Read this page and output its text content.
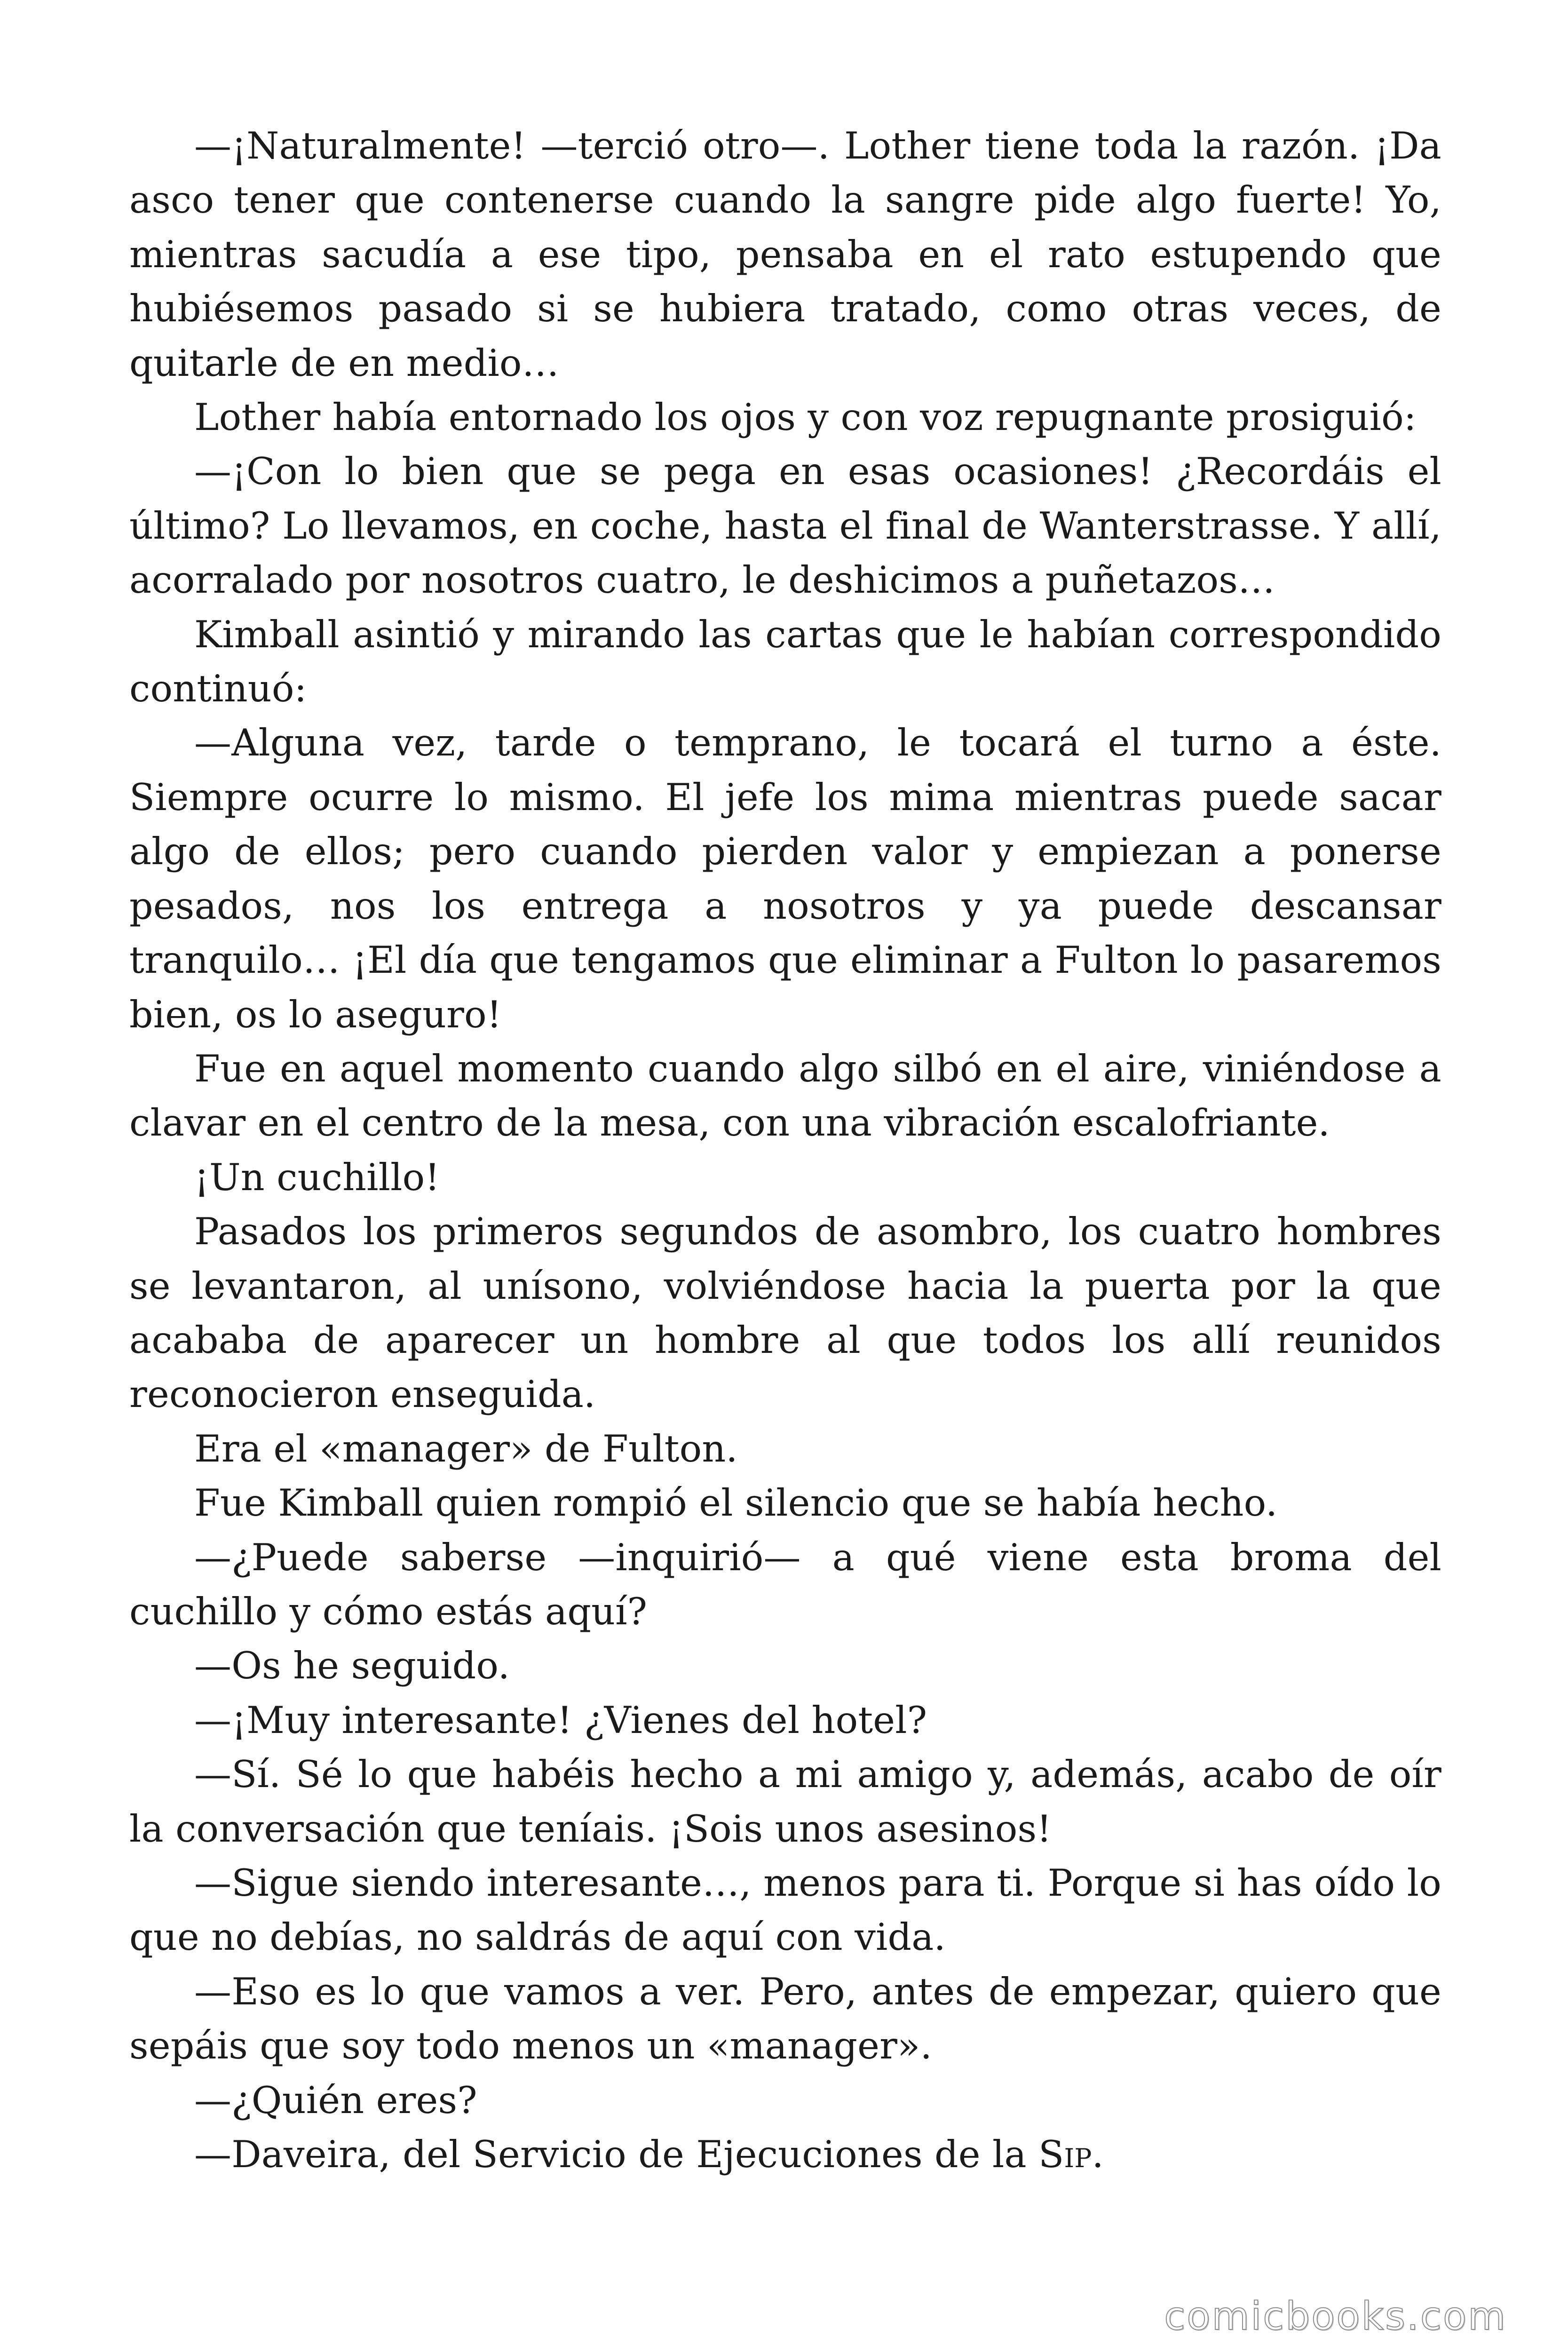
—¡Naturalmente! —terció otro—. Lother tiene toda la razón. ¡Da asco tener que contenerse cuando la sangre pide algo fuerte! Yo, mientras sacudía a ese tipo, pensaba en el rato estupendo que hubiésemos pasado si se hubiera tratado, como otras veces, de quitarle de en medio…

Lother había entornado los ojos y con voz repugnante prosiguió:

—¡Con lo bien que se pega en esas ocasiones! ¿Recordáis el último? Lo llevamos, en coche, hasta el final de Wanterstrasse. Y allí, acorralado por nosotros cuatro, le deshicimos a puñetazos…

Kimball asintió y mirando las cartas que le habían correspondido continuó:

—Alguna vez, tarde o temprano, le tocará el turno a éste. Siempre ocurre lo mismo. El jefe los mima mientras puede sacar algo de ellos; pero cuando pierden valor y empiezan a ponerse pesados, nos los entrega a nosotros y ya puede descansar tranquilo… ¡El día que tengamos que eliminar a Fulton lo pasaremos bien, os lo aseguro!

Fue en aquel momento cuando algo silbó en el aire, viniéndose a clavar en el centro de la mesa, con una vibración escalofriante.

¡Un cuchillo!

Pasados los primeros segundos de asombro, los cuatro hombres se levantaron, al unísono, volviéndose hacia la puerta por la que acababa de aparecer un hombre al que todos los allí reunidos reconocieron enseguida.

Era el «manager» de Fulton.

Fue Kimball quien rompió el silencio que se había hecho.

—¿Puede saberse —inquirió— a qué viene esta broma del cuchillo y cómo estás aquí?

—Os he seguido.

—¡Muy interesante! ¿Vienes del hotel?

—Sí. Sé lo que habéis hecho a mi amigo y, además, acabo de oír la conversación que teníais. ¡Sois unos asesinos!

—Sigue siendo interesante…, menos para ti. Porque si has oído lo que no debías, no saldrás de aquí con vida.

—Eso es lo que vamos a ver. Pero, antes de empezar, quiero que sepáis que soy todo menos un «manager».

—¿Quién eres?

—Daveira, del Servicio de Ejecuciones de la Sip.

comicbooks.com
